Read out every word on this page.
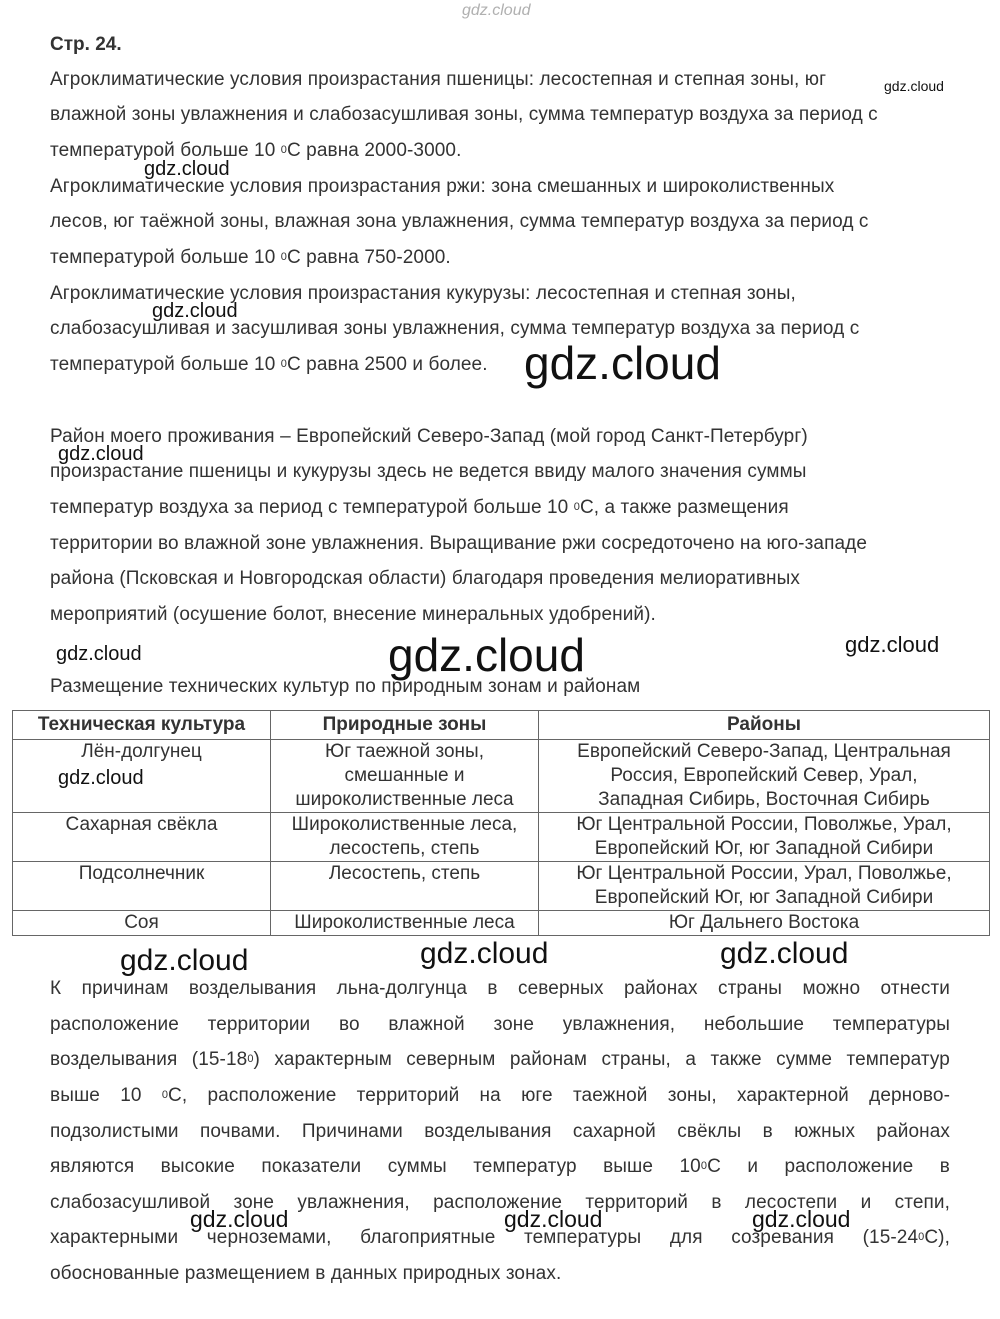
gdz.cloud
Стр. 24.
Агроклиматические условия произрастания пшеницы: лесостепная и степная зоны, юг
влажной зоны увлажнения и слабозасушливая зоны, сумма температур воздуха за период с
температурой больше 10 $^0$С равна 2000-3000.
Агроклиматические условия произрастания ржи: зона смешанных и широколиственных
лесов, юг таёжной зоны, влажная зона увлажнения, сумма температур воздуха за период с
температурой больше 10 $^0$С равна 750-2000.
Агроклиматические условия произрастания кукурузы: лесостепная и степная зоны,
слабозасушливая и засушливая зоны увлажнения, сумма температур воздуха за период с
температурой больше 10 $^0$С равна 2500 и более.
Район моего проживания – Европейский Северо-Запад (мой город Санкт-Петербург)
произрастание пшеницы и кукурузы здесь не ведется ввиду малого значения суммы
температур воздуха за период с температурой больше 10 $^0$С, а также размещения
территории во влажной зоне увлажнения. Выращивание ржи сосредоточено на юго-западе
района (Псковская и Новгородская области) благодаря проведения мелиоративных
мероприятий (осушение болот, внесение минеральных удобрений).
Размещение технических культур по природным зонам и районам
Техническая культура	Природные зоны	Районы

Лён-долгунец	Юг таежной зоны,
смешанные и
широколиственные леса	Европейский Северо-Запад, Центральная
Россия, Европейский Север, Урал,
Западная Сибирь, Восточная Сибирь

Сахарная свёкла	Широколиственные леса,
лесостепь, степь	Юг Центральной России, Поволжье, Урал,
Европейский Юг, юг Западной Сибири

Подсолнечник	Лесостепь, степь	Юг Центральной России, Урал, Поволжье,
Европейский Юг, юг Западной Сибири

Соя	Широколиственные леса	Юг Дальнего Востока
К причинам возделывания льна-долгунца в северных районах страны можно отнести
расположение территории во влажной зоне увлажнения, небольшие температуры
возделывания $(15-18^0)$ характерным северным районам страны, а также сумме температур
выше 10 $^0$С, расположение территорий на юге таежной зоны, характерной дерново-
подзолистыми почвами. Причинами возделывания сахарной свёклы в южных районах
являются высокие показатели суммы температур выше $10^0С$ и расположение в
слабозасушливой зоне увлажнения, расположение территорий в лесостепи и степи,
характерными черноземами, благоприятные температуры для созревания $(15-24^0С)$,
обоснованные размещением в данных природных зонах.
gdz.cloud
gdz.cloud
gdz.cloud
gdz.cloud
gdz.cloud
gdz.cloud	gdz.cloud	gdz.cloud
gdz.cloud
gdz.cloud	gdz.cloud	gdz.cloud
gdz.cloud	gdz.cloud	gdz.cloud
